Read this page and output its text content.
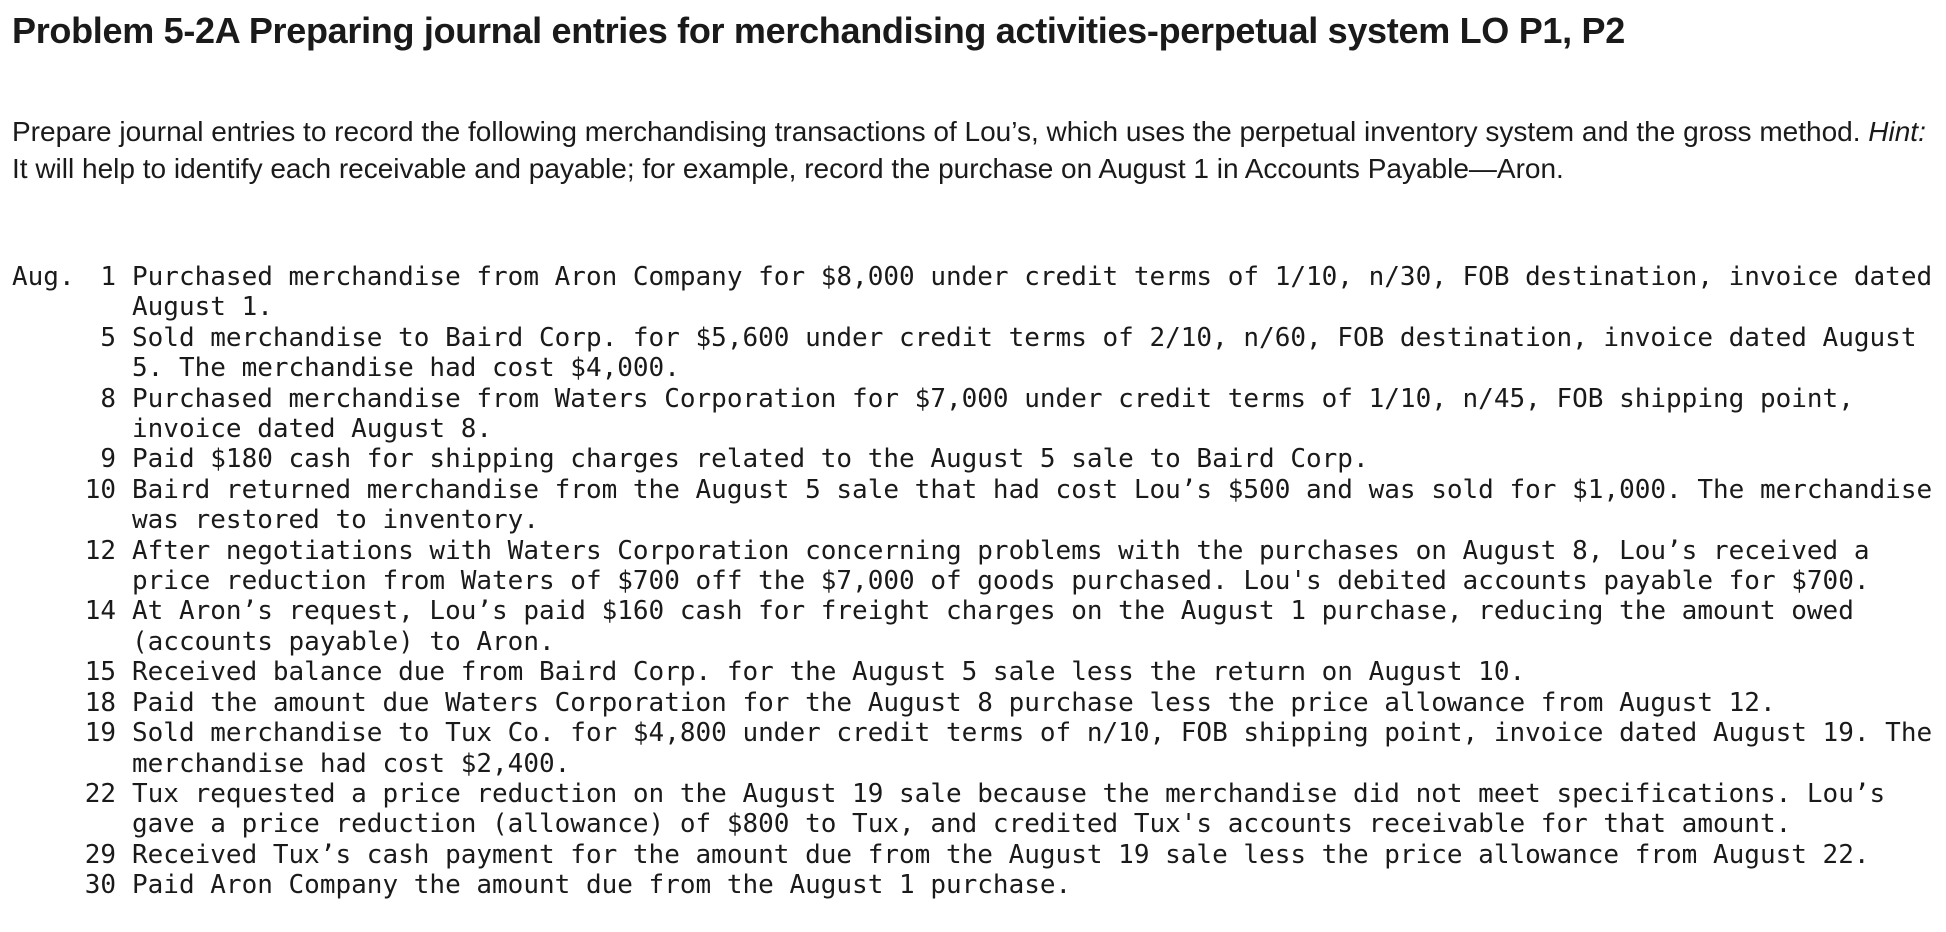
Problem 5-2A Preparing journal entries for merchandising activities-perpetual system LO P1, P2

Prepare journal entries to record the following merchandising transactions of Lou’s, which uses the perpetual inventory system and the gross method. Hint: It will help to identify each receivable and payable; for example, record the purchase on August 1 in Accounts Payable—Aron.

Aug. 1 Purchased merchandise from Aron Company for $8,000 under credit terms of 1/10, n/30, FOB destination, invoice dated August 1.
5 Sold merchandise to Baird Corp. for $5,600 under credit terms of 2/10, n/60, FOB destination, invoice dated August 5. The merchandise had cost $4,000.
8 Purchased merchandise from Waters Corporation for $7,000 under credit terms of 1/10, n/45, FOB shipping point, invoice dated August 8.
9 Paid $180 cash for shipping charges related to the August 5 sale to Baird Corp.
10 Baird returned merchandise from the August 5 sale that had cost Lou’s $500 and was sold for $1,000. The merchandise was restored to inventory.
12 After negotiations with Waters Corporation concerning problems with the purchases on August 8, Lou’s received a price reduction from Waters of $700 off the $7,000 of goods purchased. Lou's debited accounts payable for $700.
14 At Aron’s request, Lou’s paid $160 cash for freight charges on the August 1 purchase, reducing the amount owed (accounts payable) to Aron.
15 Received balance due from Baird Corp. for the August 5 sale less the return on August 10.
18 Paid the amount due Waters Corporation for the August 8 purchase less the price allowance from August 12.
19 Sold merchandise to Tux Co. for $4,800 under credit terms of n/10, FOB shipping point, invoice dated August 19. The merchandise had cost $2,400.
22 Tux requested a price reduction on the August 19 sale because the merchandise did not meet specifications. Lou’s gave a price reduction (allowance) of $800 to Tux, and credited Tux's accounts receivable for that amount.
29 Received Tux’s cash payment for the amount due from the August 19 sale less the price allowance from August 22.
30 Paid Aron Company the amount due from the August 1 purchase.
